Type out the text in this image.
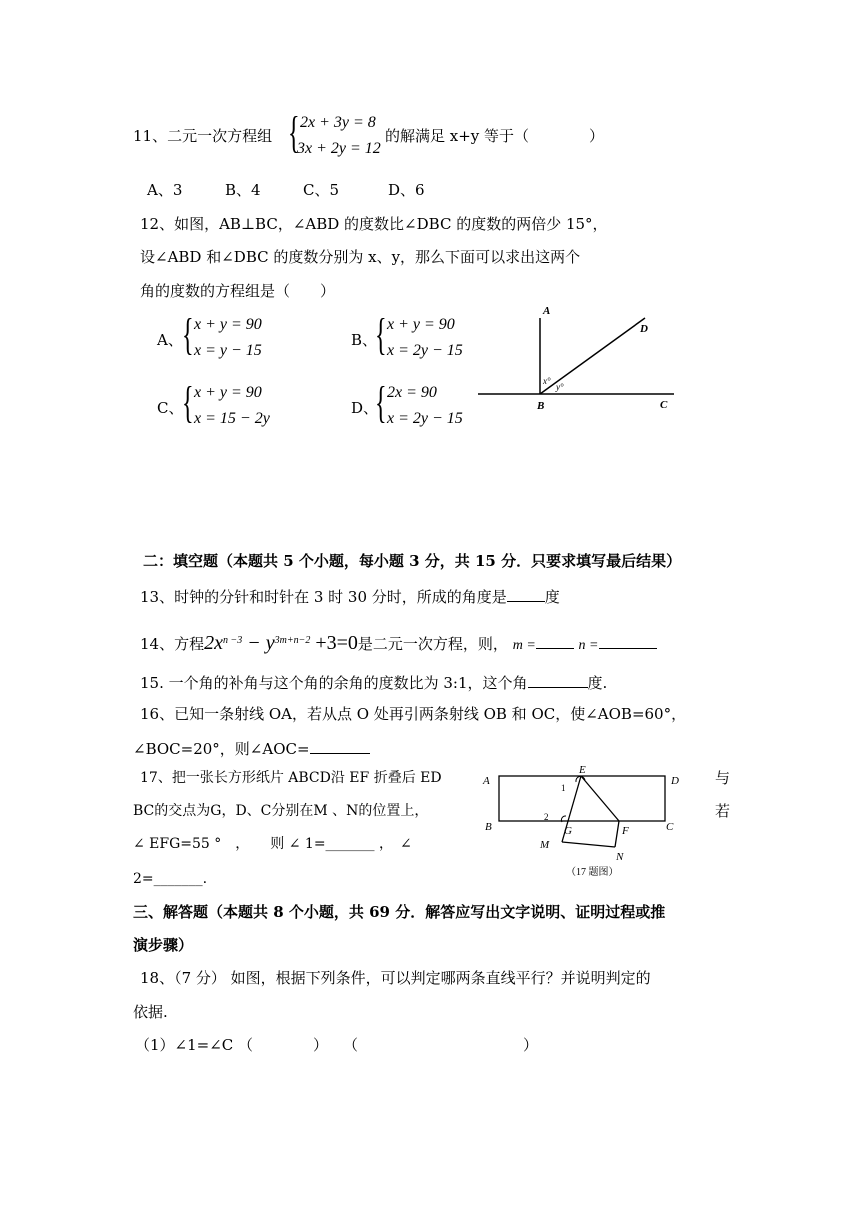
11、二元一次方程组 { 2x + 3y = 8
3x + 2y = 12
的解满足 x+y 等于（　　　　）
A、3	B、4	C、5	D、6
12、如图，AB⊥BC，∠ABD 的度数比∠DBC 的度数的两倍少 15°，
设∠ABD 和∠DBC 的度数分别为 x、y，那么下面可以求出这两个
角的度数的方程组是（　　）
A、 { x + y = 90
x = y − 15
B、
{ x + y = 90
x = 2y − 15
C、
{ x + y = 90
x = 15 − 2y
D、
{ 2x = 90
x = 2y − 15
A
D
B	C
x°
y°
二：填空题（本题共 5 个小题，每小题 3 分，共 15 分．只要求填写最后结果）
13、时钟的分针和时针在 3 时 30 分时，所成的角度是	度
14、方程$2x^{n -3} - y^{3m+n-2} +3=0$是二元一次方程，则， m =	n =
15. 一个角的补角与这个角的余角的度数比为 3:1，这个角	度.
16、已知一条射线 OA，若从点 O 处再引两条射线 OB 和 OC，使∠AOB=60°，
∠BOC=20°，则∠AOC=
17、把一张长方形纸片 ABCD沿 EF 折叠后 ED	与
BC的交点为G，D、C分别在M 、N的位置上，	若
∠ EFG=55 °　，　　则 ∠ 1=_______ ，　∠
2=_______.
A
E
D
1
2
B	G	F	C
M
N
（17 题图）
三、解答题（本题共 8 个小题，共 69 分．解答应写出文字说明、证明过程或推
演步骤）
18、（7 分） 如图，根据下列条件，可以判定哪两条直线平行？并说明判定的
依据.
（1）∠1=∠C （　　　　）　　（　　　　　　　　　　　）
